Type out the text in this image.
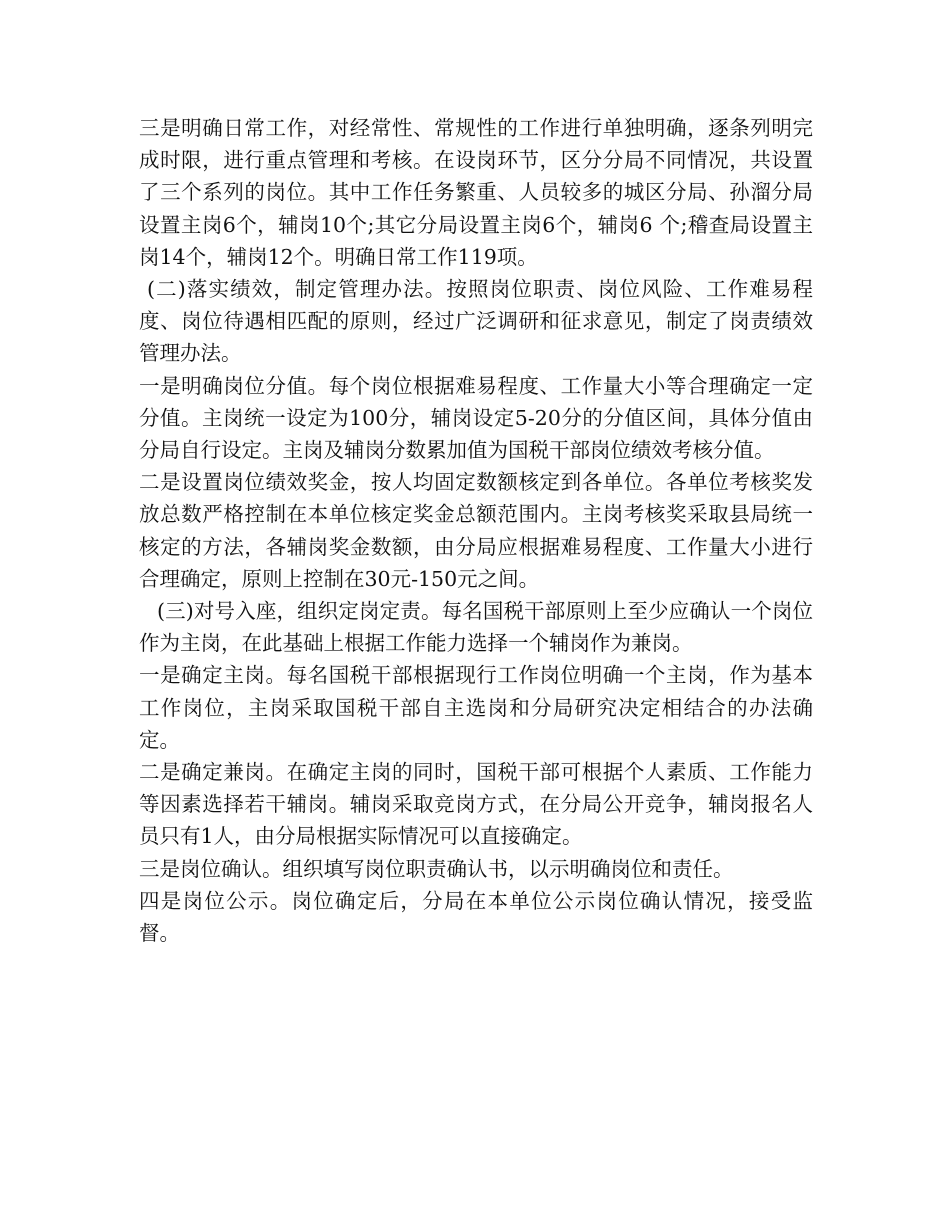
三是明确日常工作，对经常性、常规性的工作进行单独明确，逐条列明完成时限，进行重点管理和考核。在设岗环节，区分分局不同情况，共设置了三个系列的岗位。其中工作任务繁重、人员较多的城区分局、孙溜分局设置主岗6个，辅岗10个;其它分局设置主岗6个，辅岗6 个;稽查局设置主岗14个，辅岗12个。明确日常工作119项。

(二)落实绩效，制定管理办法。按照岗位职责、岗位风险、工作难易程度、岗位待遇相匹配的原则，经过广泛调研和征求意见，制定了岗责绩效管理办法。

一是明确岗位分值。每个岗位根据难易程度、工作量大小等合理确定一定分值。主岗统一设定为100分，辅岗设定5-20分的分值区间，具体分值由分局自行设定。主岗及辅岗分数累加值为国税干部岗位绩效考核分值。

二是设置岗位绩效奖金，按人均固定数额核定到各单位。各单位考核奖发放总数严格控制在本单位核定奖金总额范围内。主岗考核奖采取县局统一核定的方法，各辅岗奖金数额，由分局应根据难易程度、工作量大小进行合理确定，原则上控制在30元-150元之间。

(三)对号入座，组织定岗定责。每名国税干部原则上至少应确认一个岗位作为主岗，在此基础上根据工作能力选择一个辅岗作为兼岗。

一是确定主岗。每名国税干部根据现行工作岗位明确一个主岗，作为基本工作岗位，主岗采取国税干部自主选岗和分局研究决定相结合的办法确定。

二是确定兼岗。在确定主岗的同时，国税干部可根据个人素质、工作能力等因素选择若干辅岗。辅岗采取竞岗方式，在分局公开竞争，辅岗报名人员只有1人，由分局根据实际情况可以直接确定。

三是岗位确认。组织填写岗位职责确认书，以示明确岗位和责任。

四是岗位公示。岗位确定后，分局在本单位公示岗位确认情况，接受监督。
